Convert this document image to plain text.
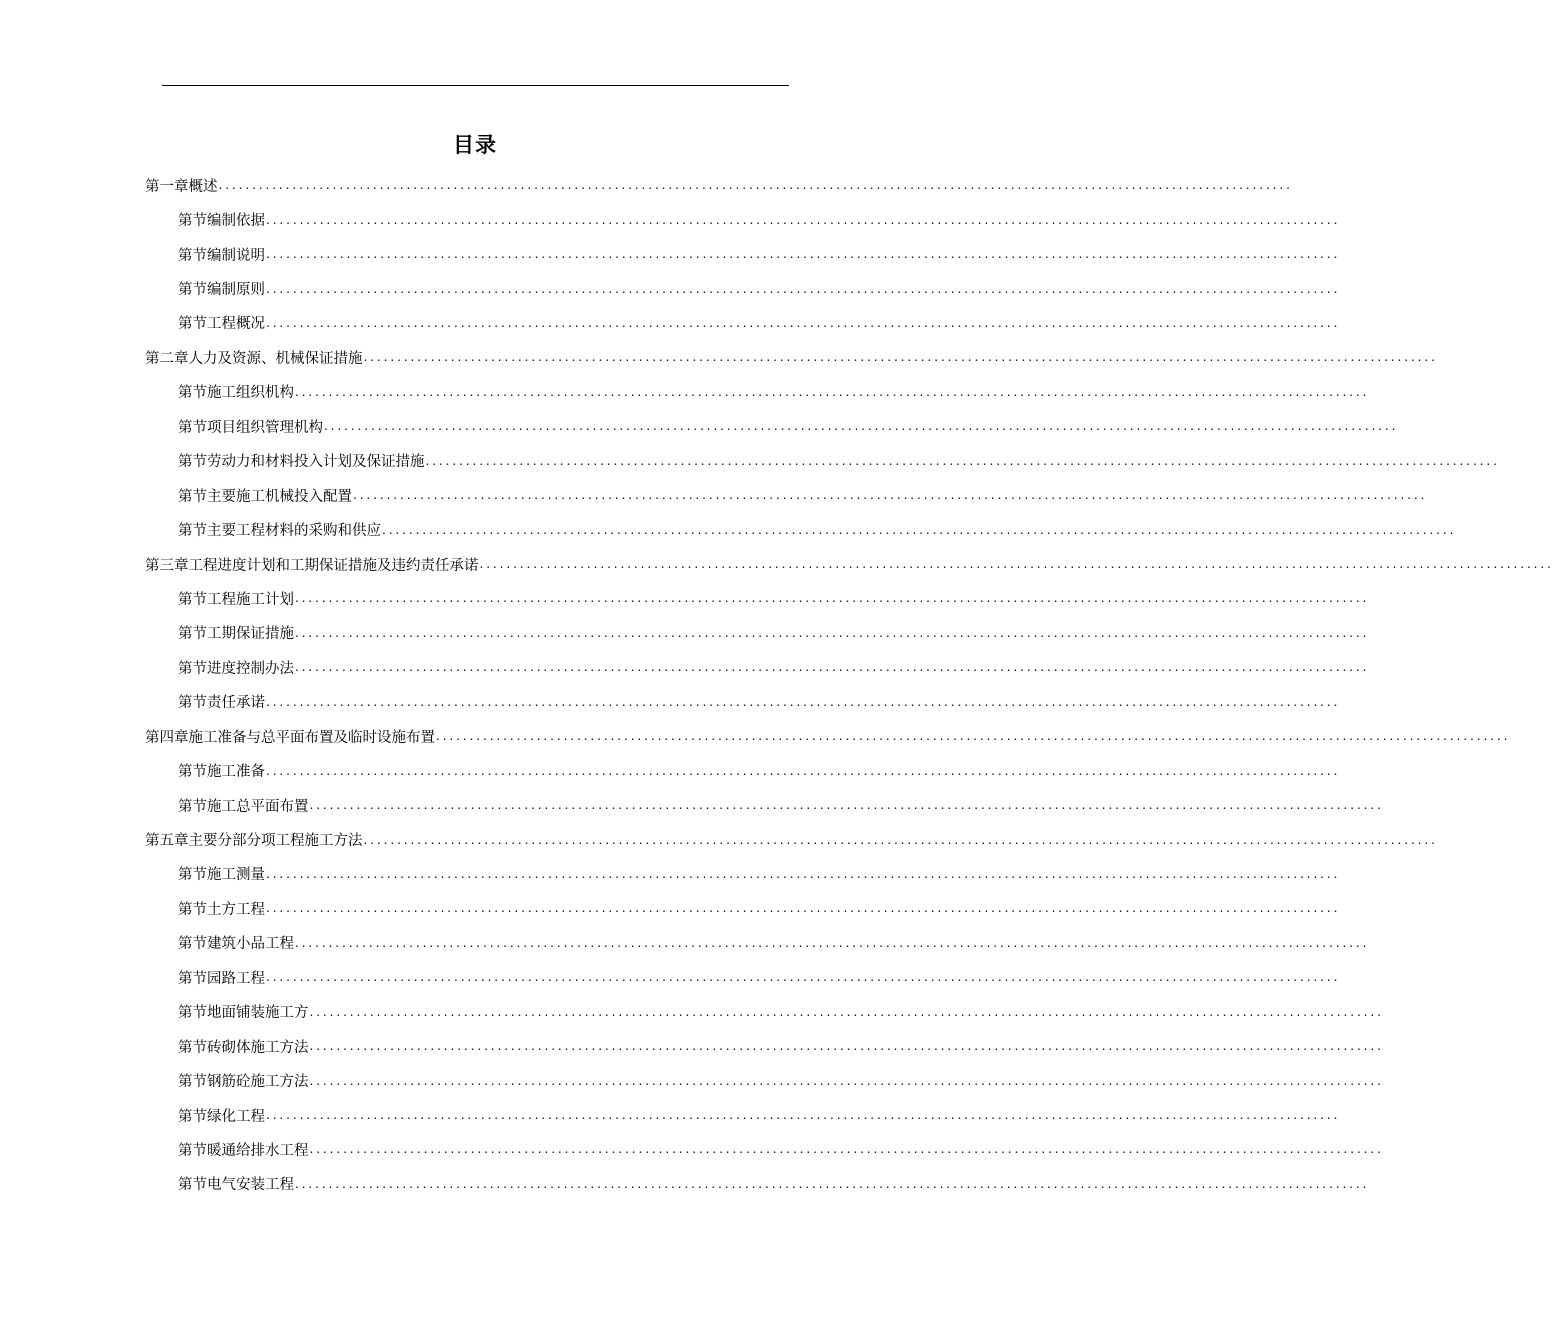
目录
第一章 概述 ................................................................................................................................................................
第节 编制依据 ................................................................................................................................................................
第节 编制说明 ................................................................................................................................................................
第节 编制原则 ................................................................................................................................................................
第节 工程概况 ................................................................................................................................................................
第二章 人力及资源、机械保证措施 ................................................................................................................................................................
第节 施工组织机构 ................................................................................................................................................................
第节 项目组织管理机构 ................................................................................................................................................................
第节 劳动力和材料投入计划及保证措施 ................................................................................................................................................................
第节 主要施工机械投入配置 ................................................................................................................................................................
第节 主要工程材料的采购和供应 ................................................................................................................................................................
第三章 工程进度计划和工期保证措施及违约责任承诺 ................................................................................................................................................................
第节 工程施工计划 ................................................................................................................................................................
第节 工期保证措施 ................................................................................................................................................................
第节 进度控制办法 ................................................................................................................................................................
第节 责任承诺 ................................................................................................................................................................
第四章 施工准备与总平面布置及临时设施布置 ................................................................................................................................................................
第节 施工准备 ................................................................................................................................................................
第节 施工总平面布置 ................................................................................................................................................................
第五章 主要分部分项工程施工方法 ................................................................................................................................................................
第节 施工测量 ................................................................................................................................................................
第节 土方工程 ................................................................................................................................................................
第节 建筑小品工程 ................................................................................................................................................................
第节 园路工程 ................................................................................................................................................................
第节 地面铺装施工方 ................................................................................................................................................................
第节 砖砌体施工方法 ................................................................................................................................................................
第节 钢筋砼施工方法 ................................................................................................................................................................
第节 绿化工程 ................................................................................................................................................................
第节 暖通给排水工程 ................................................................................................................................................................
第节 电气安装工程 ................................................................................................................................................................
